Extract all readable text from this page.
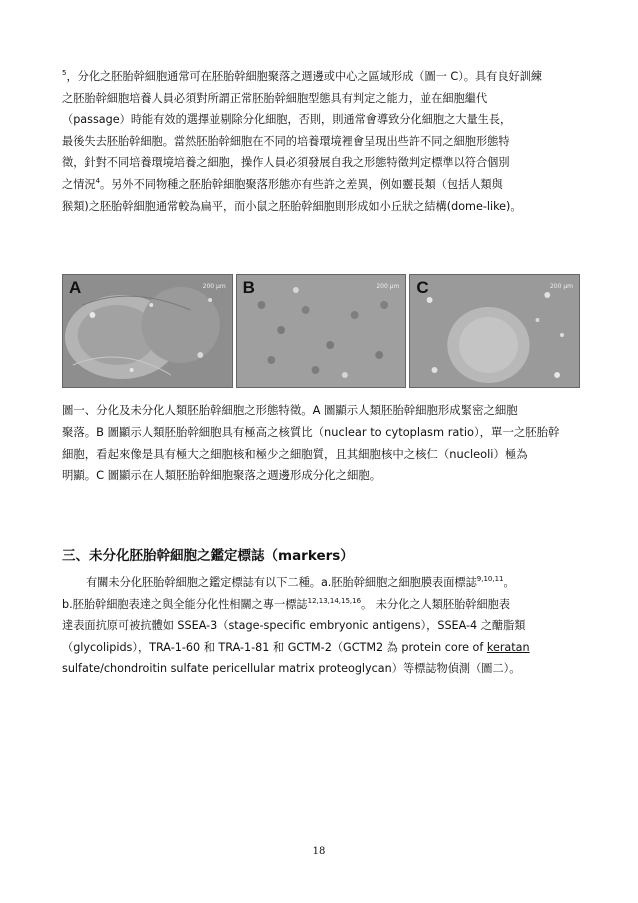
$^5$，分化之胚胎幹細胞通常可在胚胎幹細胞聚落之週邊或中心之區域形成（圖一 C）。具有良好訓練
之胚胎幹細胞培養人員必須對所謂正常胚胎幹細胞型態具有判定之能力，並在細胞繼代
（passage）時能有效的選擇並剔除分化細胞，否則，則通常會導致分化細胞之大量生長，
最後失去胚胎幹細胞。當然胚胎幹細胞在不同的培養環境裡會呈現出些許不同之細胞形態特
徵，針對不同培養環境培養之細胞，操作人員必須發展自我之形態特徵判定標準以符合個別
之情況$^4$。另外不同物種之胚胎幹細胞聚落形態亦有些許之差異，例如靈長類（包括人類與
猴類)之胚胎幹細胞通常較為扁平，而小鼠之胚胎幹細胞則形成如小丘狀之結構(dome-like)。
A	200 μm B	200 μm C	200 μm
圖一、分化及未分化人類胚胎幹細胞之形態特徵。A 圖顯示人類胚胎幹細胞形成緊密之細胞
聚落。B 圖顯示人類胚胎幹細胞具有極高之核質比（nuclear to cytoplasm ratio），單一之胚胎幹
細胞，看起來像是具有極大之細胞核和極少之細胞質，且其細胞核中之核仁（nucleoli）極為
明顯。C 圖顯示在人類胚胎幹細胞聚落之週邊形成分化之細胞。
三、未分化胚胎幹細胞之鑑定標誌（markers）
有關未分化胚胎幹細胞之鑑定標誌有以下二種。a.胚胎幹細胞之細胞膜表面標誌$^{9,10,11}$。
b.胚胎幹細胞表達之與全能分化性相關之專一標誌$^{12,13,14,15,16}$。 未分化之人類胚胎幹細胞表
達表面抗原可被抗體如 SSEA-3（stage-specific embryonic antigens），SSEA-4 之醣脂類
（glycolipids），TRA-1-60 和 TRA-1-81 和 GCTM-2（GCTM2 為 protein core of keratan
sulfate/chondroitin sulfate pericellular matrix proteoglycan）等標誌物偵測（圖二）。
18
